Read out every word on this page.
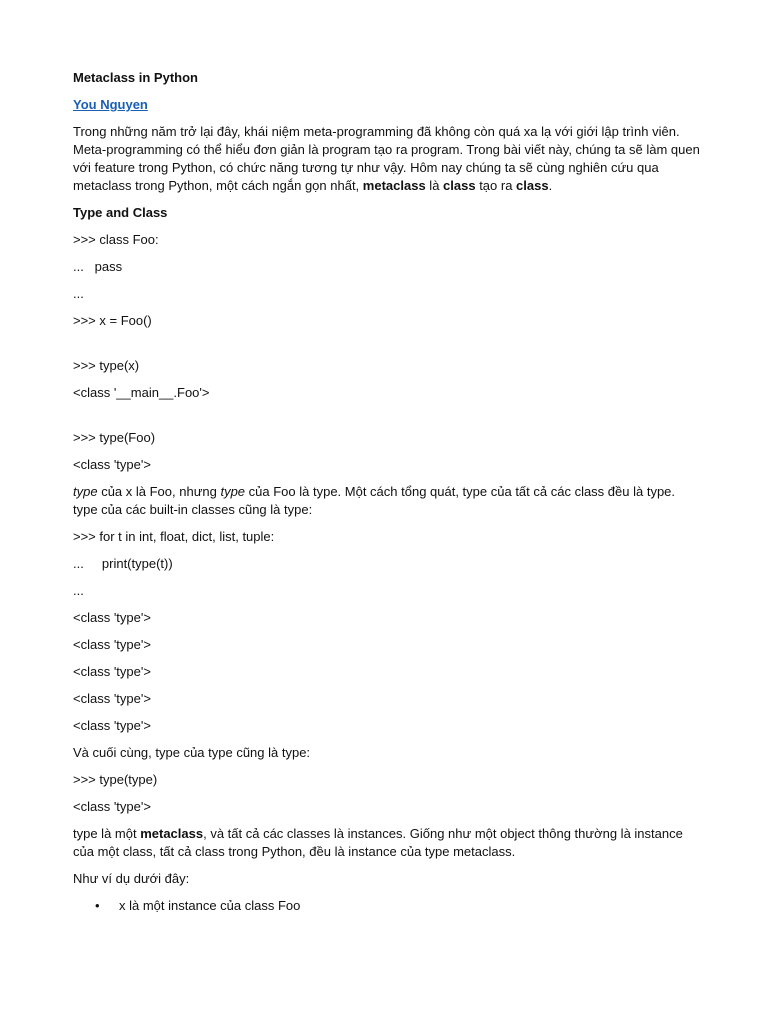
Metaclass in Python

You Nguyen

Trong những năm trở lại đây, khái niệm meta-programming đã không còn quá xa lạ với giới lập trình viên. Meta-programming có thể hiểu đơn giản là program tạo ra program. Trong bài viết này, chúng ta sẽ làm quen với feature trong Python, có chức năng tương tự như vậy. Hôm nay chúng ta sẽ cùng nghiên cứu qua metaclass trong Python, một cách ngắn gọn nhất, metaclass là class tạo ra class.

Type and Class

>>> class Foo:

...   pass

...

>>> x = Foo()

>>> type(x)

<class '__main__.Foo'>

>>> type(Foo)

<class 'type'>

type của x là Foo, nhưng type của Foo là type. Một cách tổng quát, type của tất cả các class đều là type. type của các built-in classes cũng là type:

>>> for t in int, float, dict, list, tuple:

...     print(type(t))

...

<class 'type'>

<class 'type'>

<class 'type'>

<class 'type'>

<class 'type'>

Và cuối cùng, type của type cũng là type:

>>> type(type)

<class 'type'>

type là một metaclass, và tất cả các classes là instances. Giống như một object thông thường là instance của một class, tất cả class trong Python, đều là instance của type metaclass.

Như ví dụ dưới đây:

• x là một instance của class Foo
